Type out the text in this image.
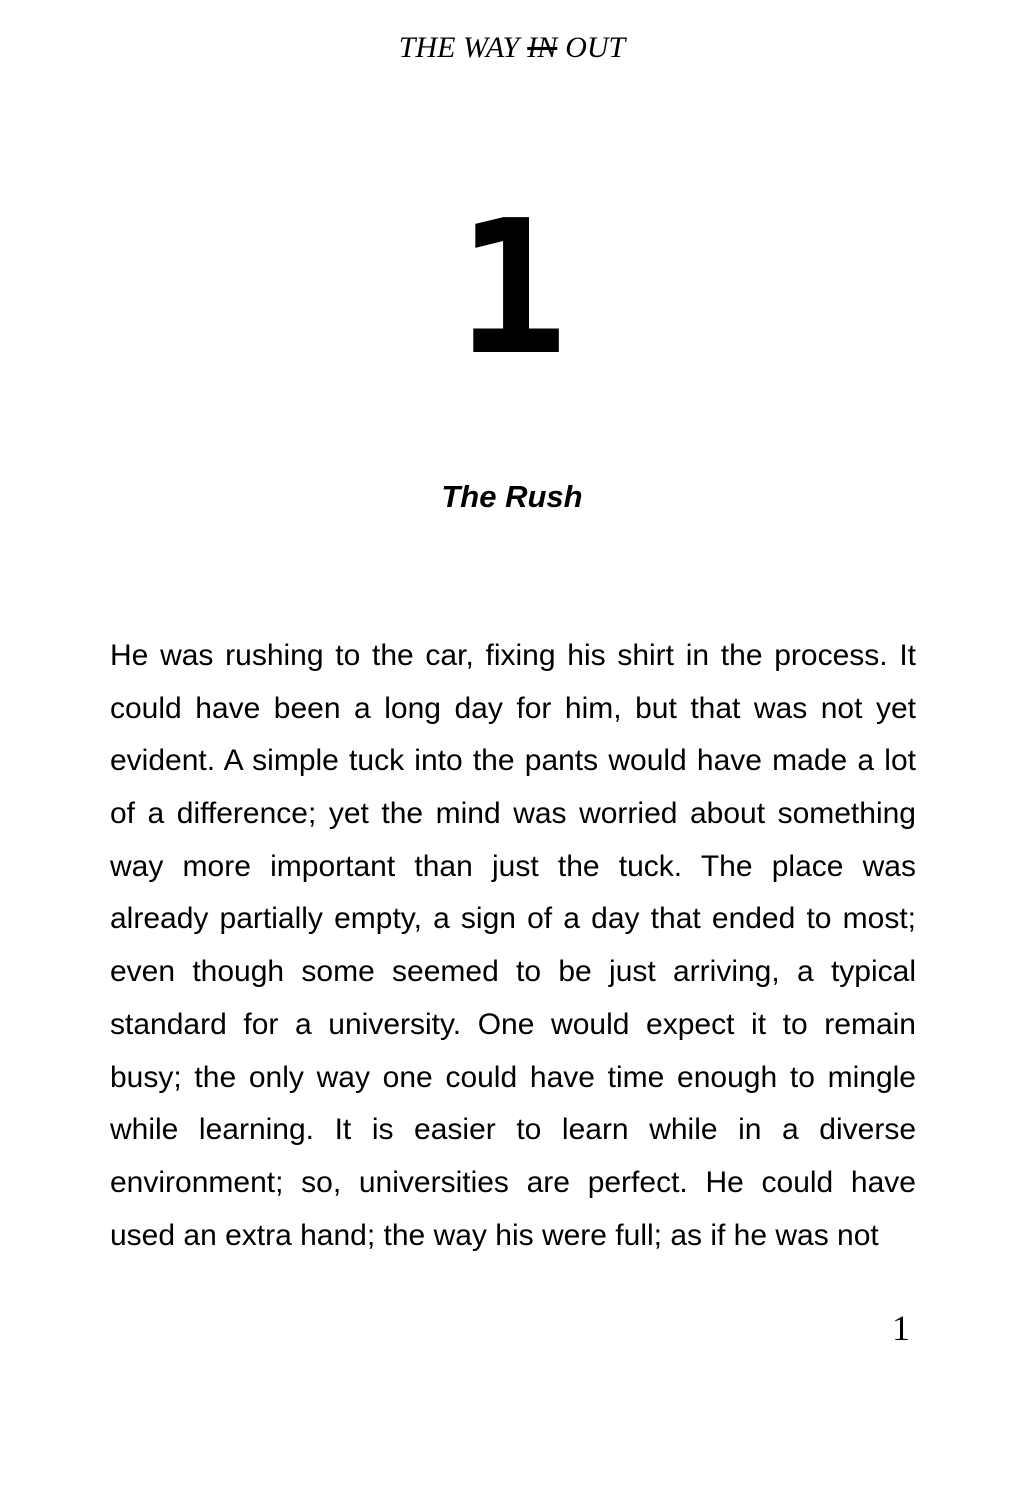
THE WAY IN OUT
1
The Rush
He was rushing to the car, fixing his shirt in the process. It
could have been a long day for him, but that was not yet
evident. A simple tuck into the pants would have made a lot
of a difference; yet the mind was worried about something
way more important than just the tuck. The place was
already partially empty, a sign of a day that ended to most;
even though some seemed to be just arriving, a typical
standard for a university. One would expect it to remain
busy; the only way one could have time enough to mingle
while learning. It is easier to learn while in a diverse
environment; so, universities are perfect. He could have
used an extra hand; the way his were full; as if he was not
1
